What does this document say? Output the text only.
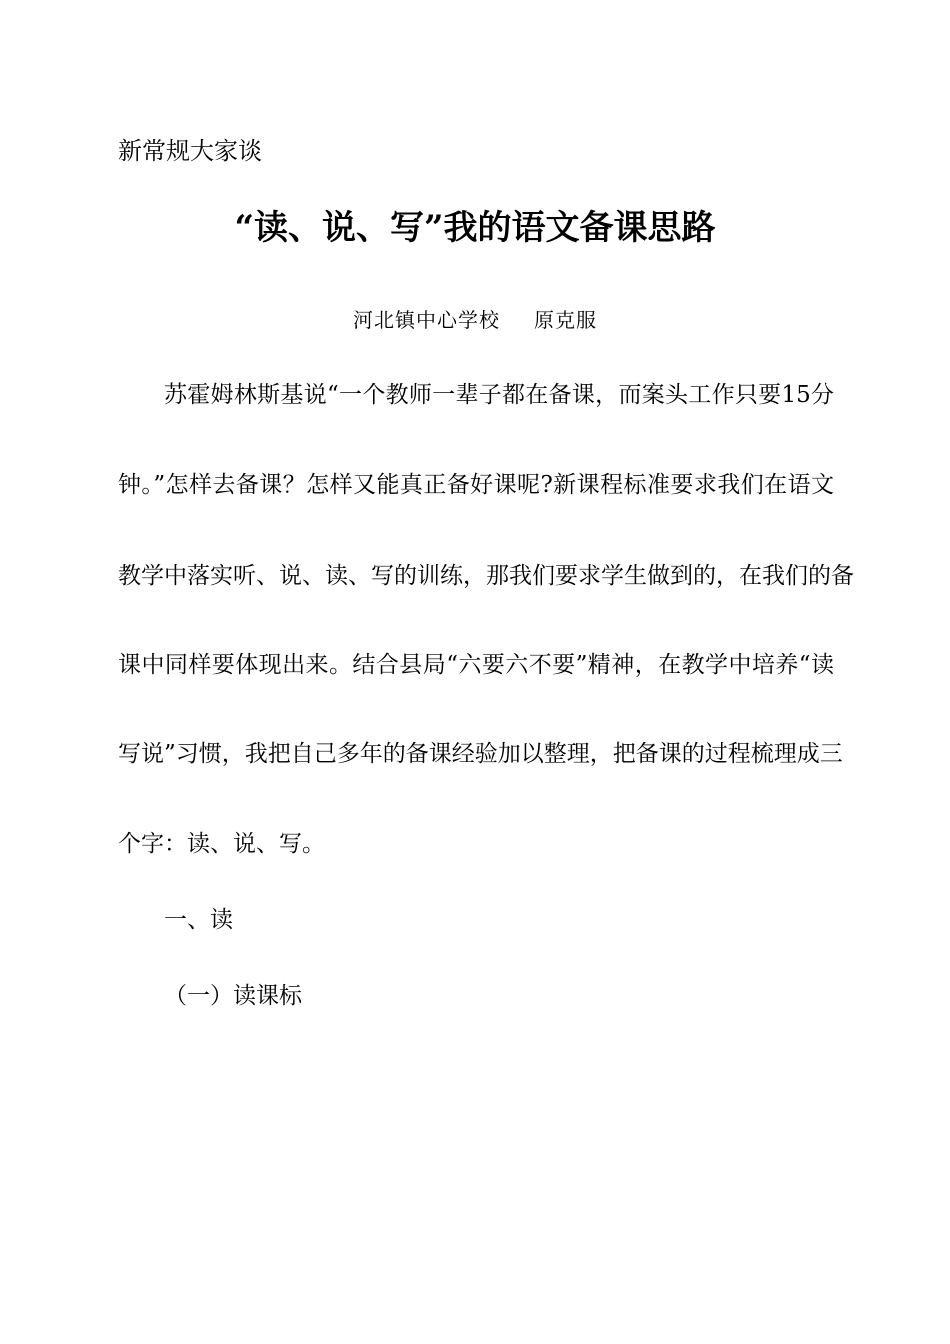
新常规大家谈
“读、说、写”我的语文备课思路
河北镇中心学校 原克服
苏霍姆林斯基说“一个教师一辈子都在备课，而案头工作只要15分
钟。”怎样去备课？怎样又能真正备好课呢?新课程标准要求我们在语文
教学中落实听、说、读、写的训练，那我们要求学生做到的，在我们的备
课中同样要体现出来。结合县局“六要六不要”精神，在教学中培养“读
写说”习惯，我把自己多年的备课经验加以整理，把备课的过程梳理成三
个字：读、说、写。
一、读
（一）读课标
